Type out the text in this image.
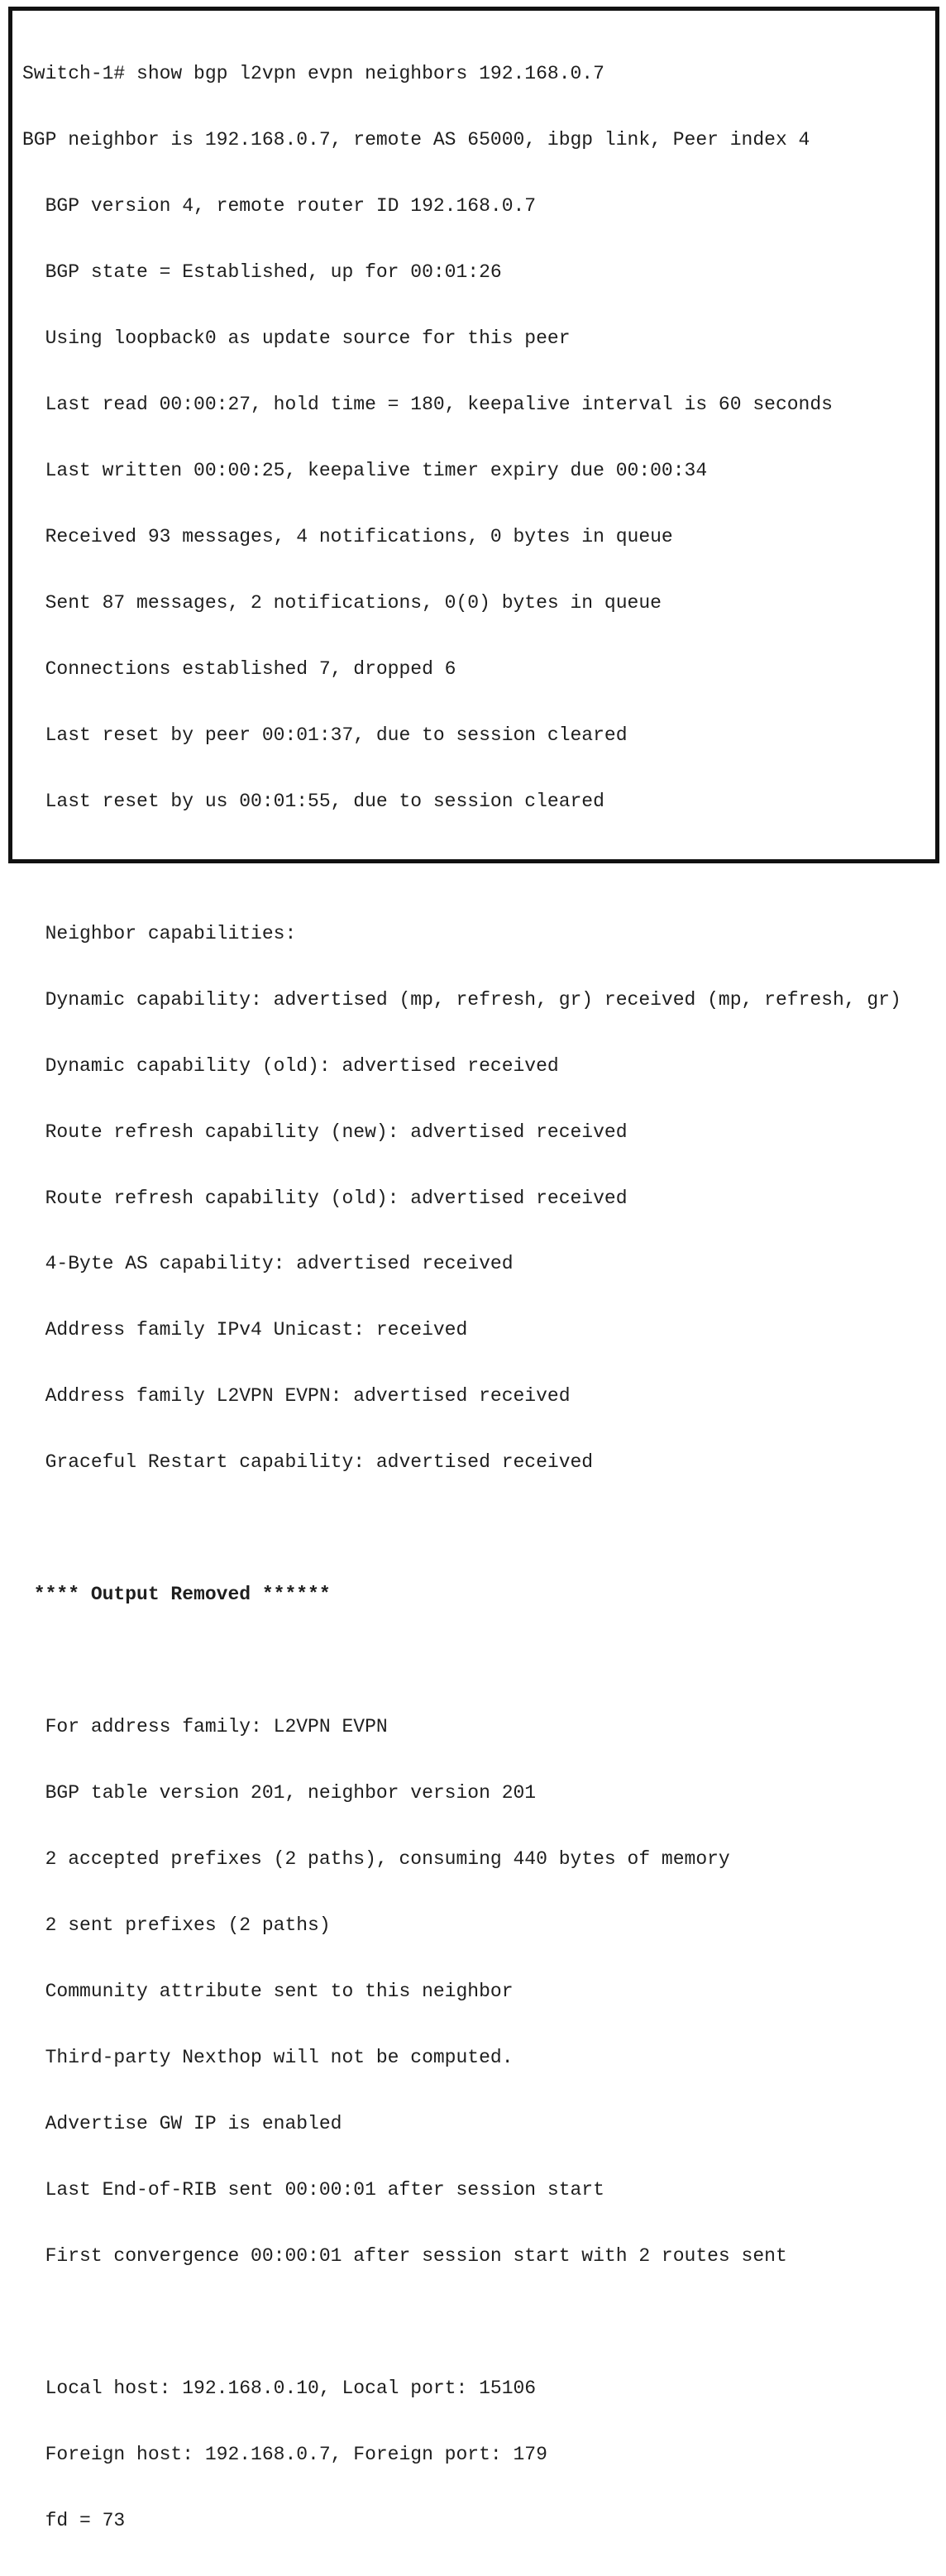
Switch-1# show bgp l2vpn evpn neighbors 192.168.0.7

BGP neighbor is 192.168.0.7, remote AS 65000, ibgp link, Peer index 4

BGP version 4, remote router ID 192.168.0.7

BGP state = Established, up for 00:01:26

Using loopback0 as update source for this peer

Last read 00:00:27, hold time = 180, keepalive interval is 60 seconds

Last written 00:00:25, keepalive timer expiry due 00:00:34

Received 93 messages, 4 notifications, 0 bytes in queue

Sent 87 messages, 2 notifications, 0(0) bytes in queue

Connections established 7, dropped 6

Last reset by peer 00:01:37, due to session cleared

Last reset by us 00:01:55, due to session cleared

Neighbor capabilities:

Dynamic capability: advertised (mp, refresh, gr) received (mp, refresh, gr)

Dynamic capability (old): advertised received

Route refresh capability (new): advertised received

Route refresh capability (old): advertised received

4-Byte AS capability: advertised received

Address family IPv4 Unicast: received

Address family L2VPN EVPN: advertised received

Graceful Restart capability: advertised received

**** Output Removed ******

For address family: L2VPN EVPN

BGP table version 201, neighbor version 201

2 accepted prefixes (2 paths), consuming 440 bytes of memory

2 sent prefixes (2 paths)

Community attribute sent to this neighbor

Third-party Nexthop will not be computed.

Advertise GW IP is enabled

Last End-of-RIB sent 00:00:01 after session start

First convergence 00:00:01 after session start with 2 routes sent

Local host: 192.168.0.10, Local port: 15106

Foreign host: 192.168.0.7, Foreign port: 179

fd = 73
